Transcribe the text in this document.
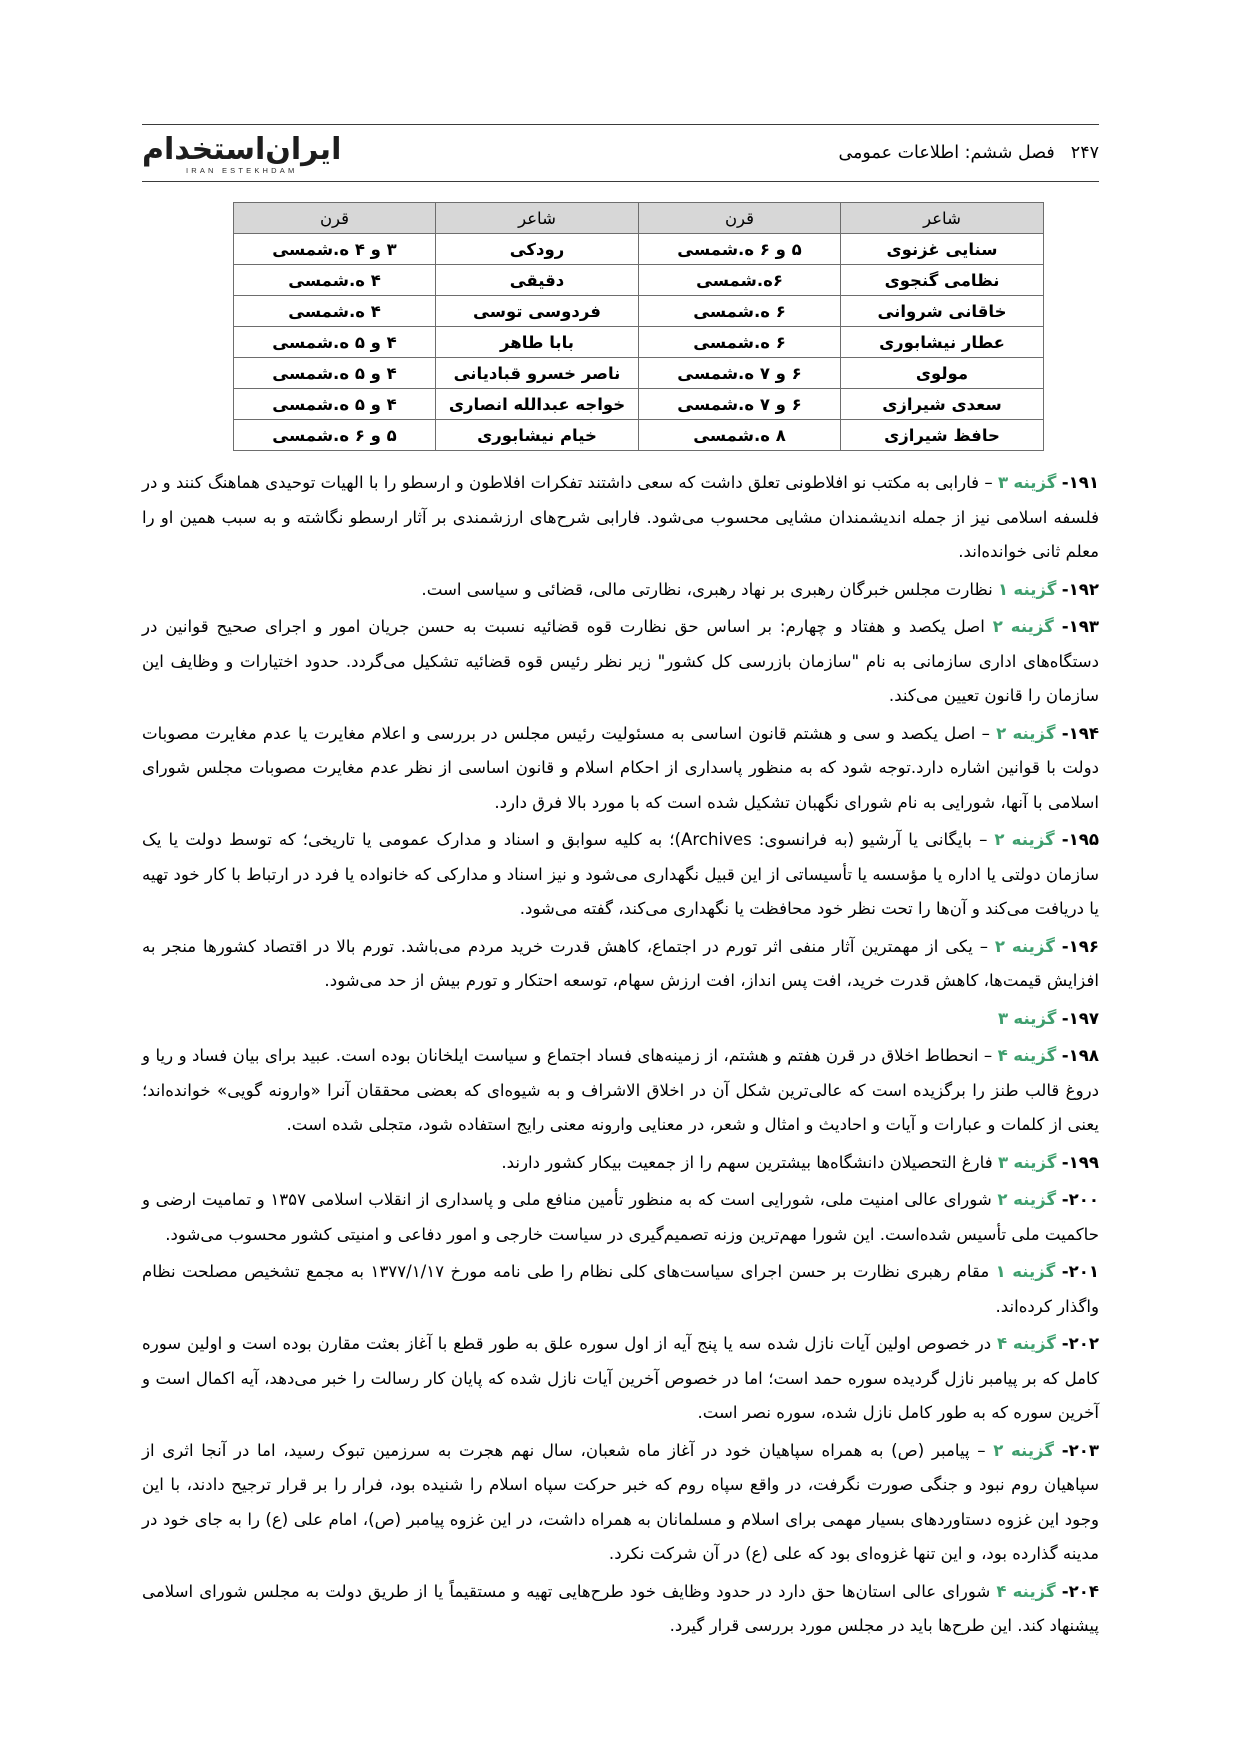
۲۴۷
فصل ششم: اطلاعات عمومی
ایران‌استخدام
IRAN ESTEKHDAM
شاعر	قرن	شاعر	قرن
سنایی غزنوی	۵ و ۶ ه.شمسی	رودکی	۳ و ۴ ه.شمسی
نظامی گنجوی	۶ه.شمسی	دقیقی	۴ ه.شمسی
خاقانی شروانی	۶ ه.شمسی	فردوسی توسی	۴ ه.شمسی
عطار نیشابوری	۶ ه.شمسی	بابا طاهر	۴ و ۵ ه.شمسی
مولوی	۶ و ۷ ه.شمسی	ناصر خسرو قبادیانی	۴ و ۵ ه.شمسی
سعدی شیرازی	۶ و ۷ ه.شمسی	خواجه عبدالله انصاری	۴ و ۵ ه.شمسی
حافظ شیرازی	۸ ه.شمسی	خیام نیشابوری	۵ و ۶ ه.شمسی

۱۹۱- گزینه ۳ – فارابی به مکتب نو افلاطونی تعلق داشت که سعی داشتند تفکرات افلاطون و ارسطو را با الهیات توحیدی هماهنگ کنند و در فلسفه اسلامی نیز از جمله اندیشمندان مشایی محسوب می‌شود. فارابی شرح‌های ارزشمندی بر آثار ارسطو نگاشته و به سبب همین او را معلم ثانی خوانده‌اند.

۱۹۲- گزینه ۱ نظارت مجلس خبرگان رهبری بر نهاد رهبری، نظارتی مالی، قضائی و سیاسی است.

۱۹۳- گزینه ۲ اصل یکصد و هفتاد و چهارم: بر اساس حق نظارت قوه قضائیه نسبت به حسن جریان امور و اجرای صحیح قوانین در دستگاه‌های اداری سازمانی به نام "سازمان بازرسی کل کشور" زیر نظر رئیس قوه قضائیه تشکیل می‌گردد. حدود اختیارات و وظایف این سازمان را قانون تعیین می‌کند.

۱۹۴- گزینه ۲ – اصل یکصد و سی و هشتم قانون اساسی به مسئولیت رئیس مجلس در بررسی و اعلام مغایرت یا عدم مغایرت مصوبات دولت با قوانین اشاره دارد.توجه شود که به منظور پاسداری از احکام اسلام و قانون اساسی از نظر عدم مغایرت مصوبات مجلس شورای اسلامی با آنها، شورایی به نام شورای نگهبان تشکیل شده است که با مورد بالا فرق دارد.

۱۹۵- گزینه ۲ – بایگانی یا آرشیو (به فرانسوی: Archives)؛ به کلیه سوابق و اسناد و مدارک عمومی یا تاریخی؛ که توسط دولت یا یک سازمان دولتی یا اداره یا مؤسسه یا تأسیساتی از این قبیل نگهداری می‌شود و نیز اسناد و مدارکی که خانواده یا فرد در ارتباط با کار خود تهیه یا دریافت می‌کند و آن‌ها را تحت نظر خود محافظت یا نگهداری می‌کند، گفته می‌شود.

۱۹۶- گزینه ۲ – یکی از مهمترین آثار منفی اثر تورم در اجتماع، کاهش قدرت خرید مردم می‌باشد. تورم بالا در اقتصاد کشورها منجر به افزایش قیمت‌ها، کاهش قدرت خرید، افت پس انداز، افت ارزش سهام، توسعه احتکار و تورم بیش از حد می‌شود.

۱۹۷- گزینه ۳

۱۹۸- گزینه ۴ – انحطاط اخلاق در قرن هفتم و هشتم، از زمینه‌های فساد اجتماع و سیاست ایلخانان بوده است. عبید برای بیان فساد و ریا و دروغ قالب طنز را برگزیده است که عالی‌ترین شکل آن در اخلاق الاشراف و به شیوه‌ای که بعضی محققان آنرا «وارونه گویی» خوانده‌اند؛ یعنی از کلمات و عبارات و آیات و احادیث و امثال و شعر، در معنایی وارونه معنی رایج استفاده شود، متجلی شده است.

۱۹۹- گزینه ۳ فارغ التحصیلان دانشگاه‌ها بیشترین سهم را از جمعیت بیکار کشور دارند.

۲۰۰- گزینه ۲ شورای عالی امنیت ملی، شورایی است که به منظور تأمین منافع ملی و پاسداری از انقلاب اسلامی ۱۳۵۷ و تمامیت ارضی و حاکمیت ملی تأسیس شده‌است. این شورا مهم‌ترین وزنه تصمیم‌گیری در سیاست خارجی و امور دفاعی و امنیتی کشور محسوب می‌شود.

۲۰۱- گزینه ۱ مقام رهبری نظارت بر حسن اجرای سیاست‌های کلی نظام را طی نامه مورخ ۱۳۷۷/۱/۱۷ به مجمع تشخیص مصلحت نظام واگذار کرده‌اند.

۲۰۲- گزینه ۴ در خصوص اولین آیات نازل شده سه یا پنج آیه از اول سوره علق به طور قطع با آغاز بعثت مقارن بوده است و اولین سوره کامل که بر پیامبر نازل گردیده سوره حمد است؛ اما در خصوص آخرین آیات نازل شده که پایان کار رسالت را خبر می‌دهد، آیه اکمال است و آخرین سوره که به طور کامل نازل شده، سوره نصر است.

۲۰۳- گزینه ۲ – پیامبر (ص) به همراه سپاهیان خود در آغاز ماه شعبان، سال نهم هجرت به سرزمین تبوک رسید، اما در آنجا اثری از سپاهیان روم نبود و جنگی صورت نگرفت، در واقع سپاه روم که خبر حرکت سپاه اسلام را شنیده بود، فرار را بر قرار ترجیح دادند، با این وجود این غزوه دستاوردهای بسیار مهمی برای اسلام و مسلمانان به همراه داشت، در این غزوه پیامبر (ص)، امام علی (ع) را به جای خود در مدینه گذارده بود، و این تنها غزوه‌ای بود که علی (ع) در آن شرکت نکرد.

۲۰۴- گزینه ۴ شورای عالی استان‌ها حق دارد در حدود وظایف خود طرح‌هایی تهیه و مستقیماً یا از طریق دولت به مجلس شورای اسلامی پیشنهاد کند. این طرح‌ها باید در مجلس مورد بررسی قرار گیرد.
